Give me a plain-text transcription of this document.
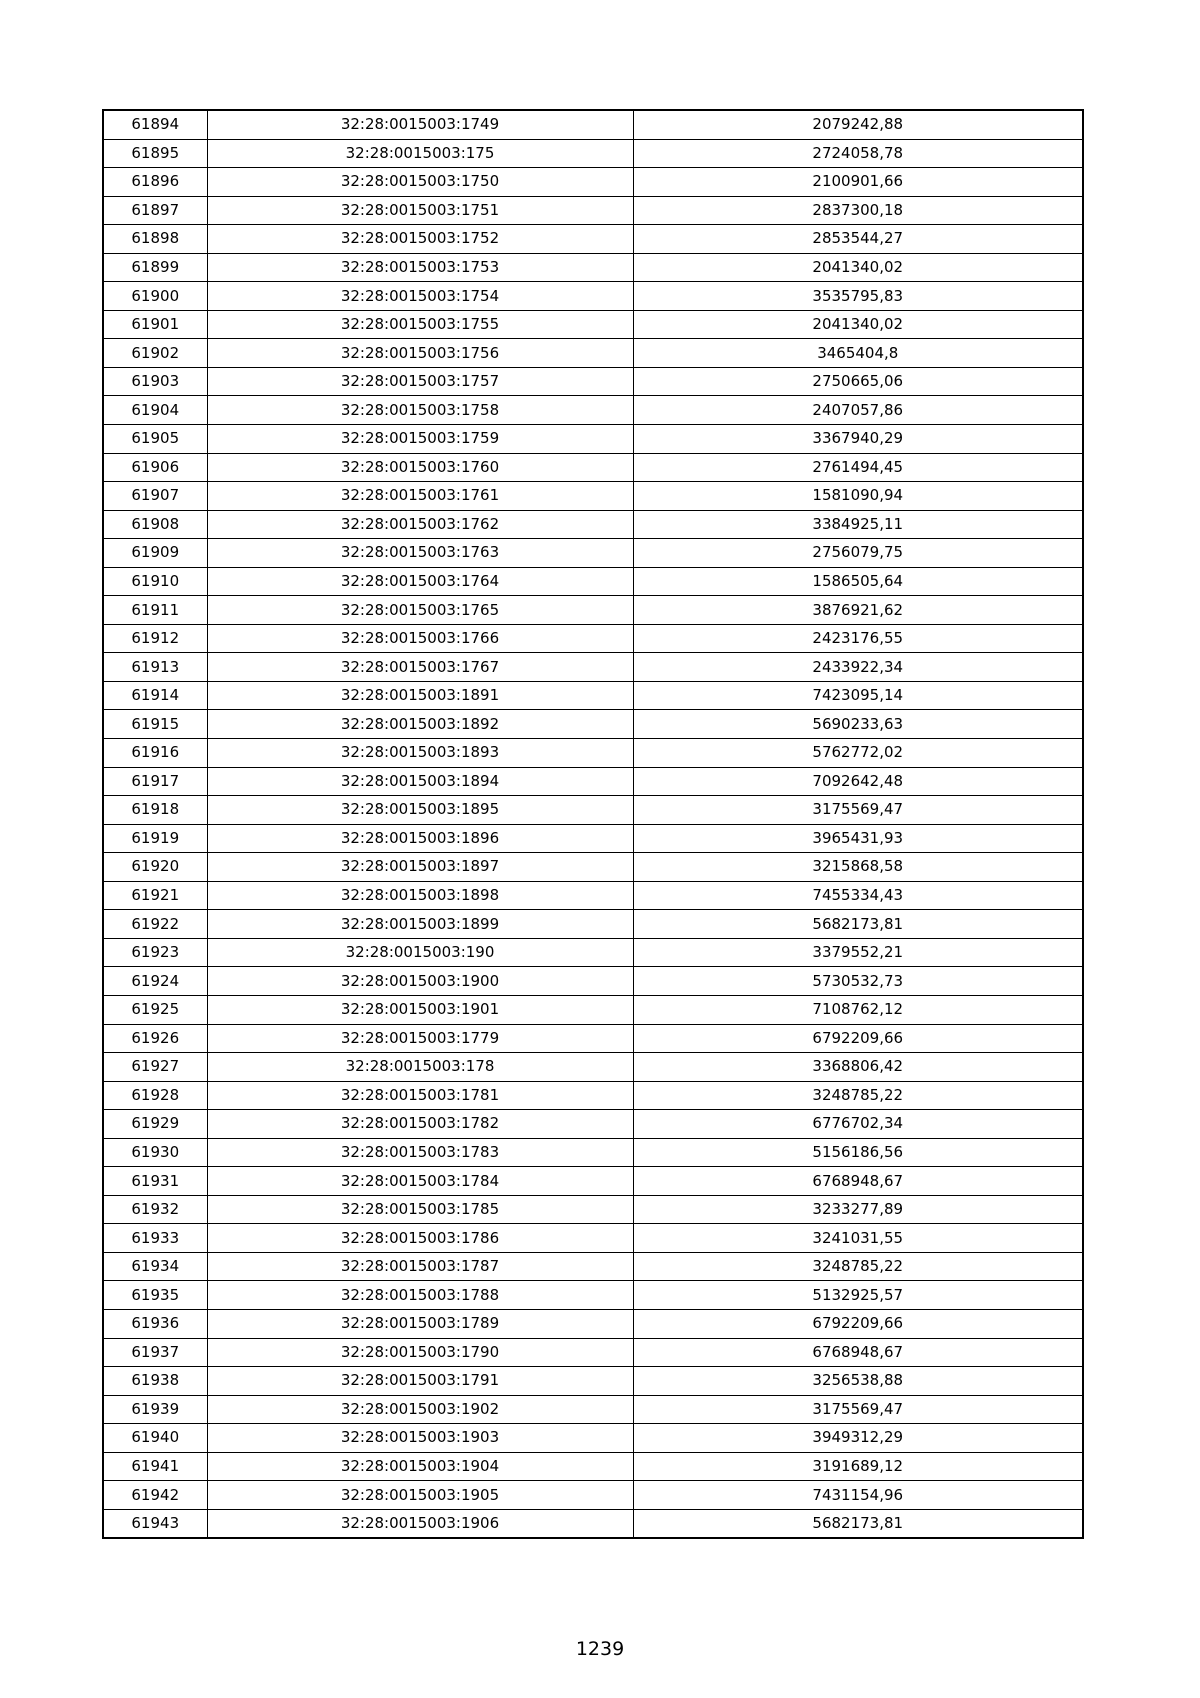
61894	32:28:0015003:1749	2079242,88
61895	32:28:0015003:175	2724058,78
61896	32:28:0015003:1750	2100901,66
61897	32:28:0015003:1751	2837300,18
61898	32:28:0015003:1752	2853544,27
61899	32:28:0015003:1753	2041340,02
61900	32:28:0015003:1754	3535795,83
61901	32:28:0015003:1755	2041340,02
61902	32:28:0015003:1756	3465404,8
61903	32:28:0015003:1757	2750665,06
61904	32:28:0015003:1758	2407057,86
61905	32:28:0015003:1759	3367940,29
61906	32:28:0015003:1760	2761494,45
61907	32:28:0015003:1761	1581090,94
61908	32:28:0015003:1762	3384925,11
61909	32:28:0015003:1763	2756079,75
61910	32:28:0015003:1764	1586505,64
61911	32:28:0015003:1765	3876921,62
61912	32:28:0015003:1766	2423176,55
61913	32:28:0015003:1767	2433922,34
61914	32:28:0015003:1891	7423095,14
61915	32:28:0015003:1892	5690233,63
61916	32:28:0015003:1893	5762772,02
61917	32:28:0015003:1894	7092642,48
61918	32:28:0015003:1895	3175569,47
61919	32:28:0015003:1896	3965431,93
61920	32:28:0015003:1897	3215868,58
61921	32:28:0015003:1898	7455334,43
61922	32:28:0015003:1899	5682173,81
61923	32:28:0015003:190	3379552,21
61924	32:28:0015003:1900	5730532,73
61925	32:28:0015003:1901	7108762,12
61926	32:28:0015003:1779	6792209,66
61927	32:28:0015003:178	3368806,42
61928	32:28:0015003:1781	3248785,22
61929	32:28:0015003:1782	6776702,34
61930	32:28:0015003:1783	5156186,56
61931	32:28:0015003:1784	6768948,67
61932	32:28:0015003:1785	3233277,89
61933	32:28:0015003:1786	3241031,55
61934	32:28:0015003:1787	3248785,22
61935	32:28:0015003:1788	5132925,57
61936	32:28:0015003:1789	6792209,66
61937	32:28:0015003:1790	6768948,67
61938	32:28:0015003:1791	3256538,88
61939	32:28:0015003:1902	3175569,47
61940	32:28:0015003:1903	3949312,29
61941	32:28:0015003:1904	3191689,12
61942	32:28:0015003:1905	7431154,96
61943	32:28:0015003:1906	5682173,81
1239
